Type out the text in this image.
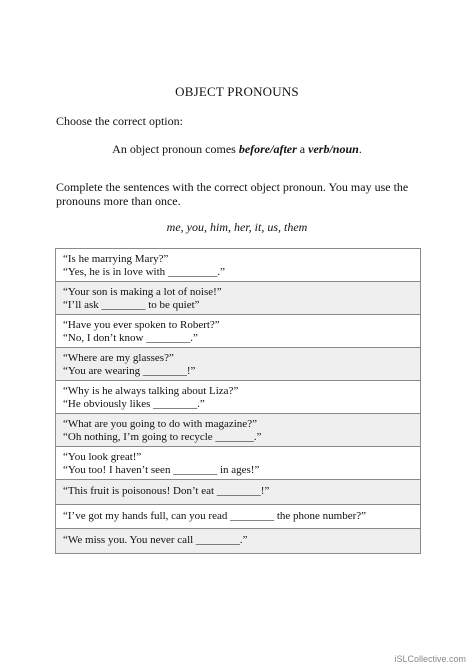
OBJECT PRONOUNS
Choose the correct option:
An object pronoun comes before/after a verb/noun.
Complete the sentences with the correct object pronoun. You may use the pronouns more than once.
me, you, him, her, it, us, them
“Is he marrying Mary?”
“Yes, he is in love with _________.”
“Your son is making a lot of noise!”
“I’ll ask ________ to be quiet”
“Have you ever spoken to Robert?”
“No, I don’t know ________.”
“Where are my glasses?”
“You are wearing ________!”
“Why is he always talking about Liza?”
“He obviously likes ________.”
“What are you going to do with magazine?”
“Oh nothing, I’m going to recycle _______.”
“You look great!”
“You too! I haven’t seen ________ in ages!”
“This fruit is poisonous! Don’t eat ________!”
“I’ve got my hands full, can you read ________ the phone number?”
“We miss you. You never call ________.”
iSLCollective.com
